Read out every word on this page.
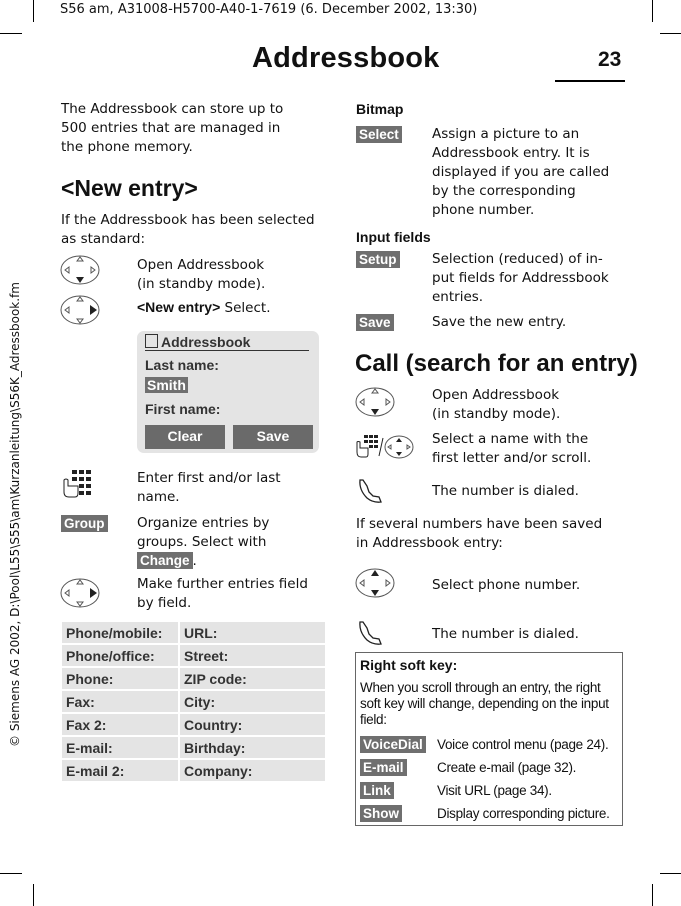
S56 am, A31008-H5700-A40-1-7619 (6. December 2002, 13:30)
Addressbook	23
© Siemens AG 2002, D:\Pool\L55\S55\am\Kurzanleitung\S56K_Adressbook.fm
The Addressbook can store up to
500 entries that are managed in
the phone memory.
<New entry>
If the Addressbook has been selected
as standard:
Open Addressbook
(in standby mode).
<New entry> Select.
Addressbook
Last name:
Smith
First name:
Clear	Save
Enter first and/or last
name.
Group Organize entries by
groups. Select with
Change .
Make further entries field
by field.
Phone/mobile:	URL:
Phone/office:	Street:
Phone:	ZIP code:
Fax:	City:
Fax 2:	Country:
E-mail:	Birthday:
E-mail 2:	Company:
Bitmap
Select Assign a picture to an
Addressbook entry. It is
displayed if you are called
by the corresponding
phone number.
Input fields
Setup	Selection (reduced) of in-
put fields for Addressbook
entries.
Save	Save the new entry.
Call (search for an entry)
Open Addressbook
(in standby mode).
Select a name with the
first letter and/or scroll.
The number is dialed.
If several numbers have been saved
in Addressbook entry:
Select phone number.
The number is dialed.
Right soft key:
When you scroll through an entry, the right
soft key will change, depending on the input
field:
VoiceDial Voice control menu (page 24).
E-mail Create e-mail (page 32).
Link	Visit URL (page 34).
Show	Display corresponding picture.
